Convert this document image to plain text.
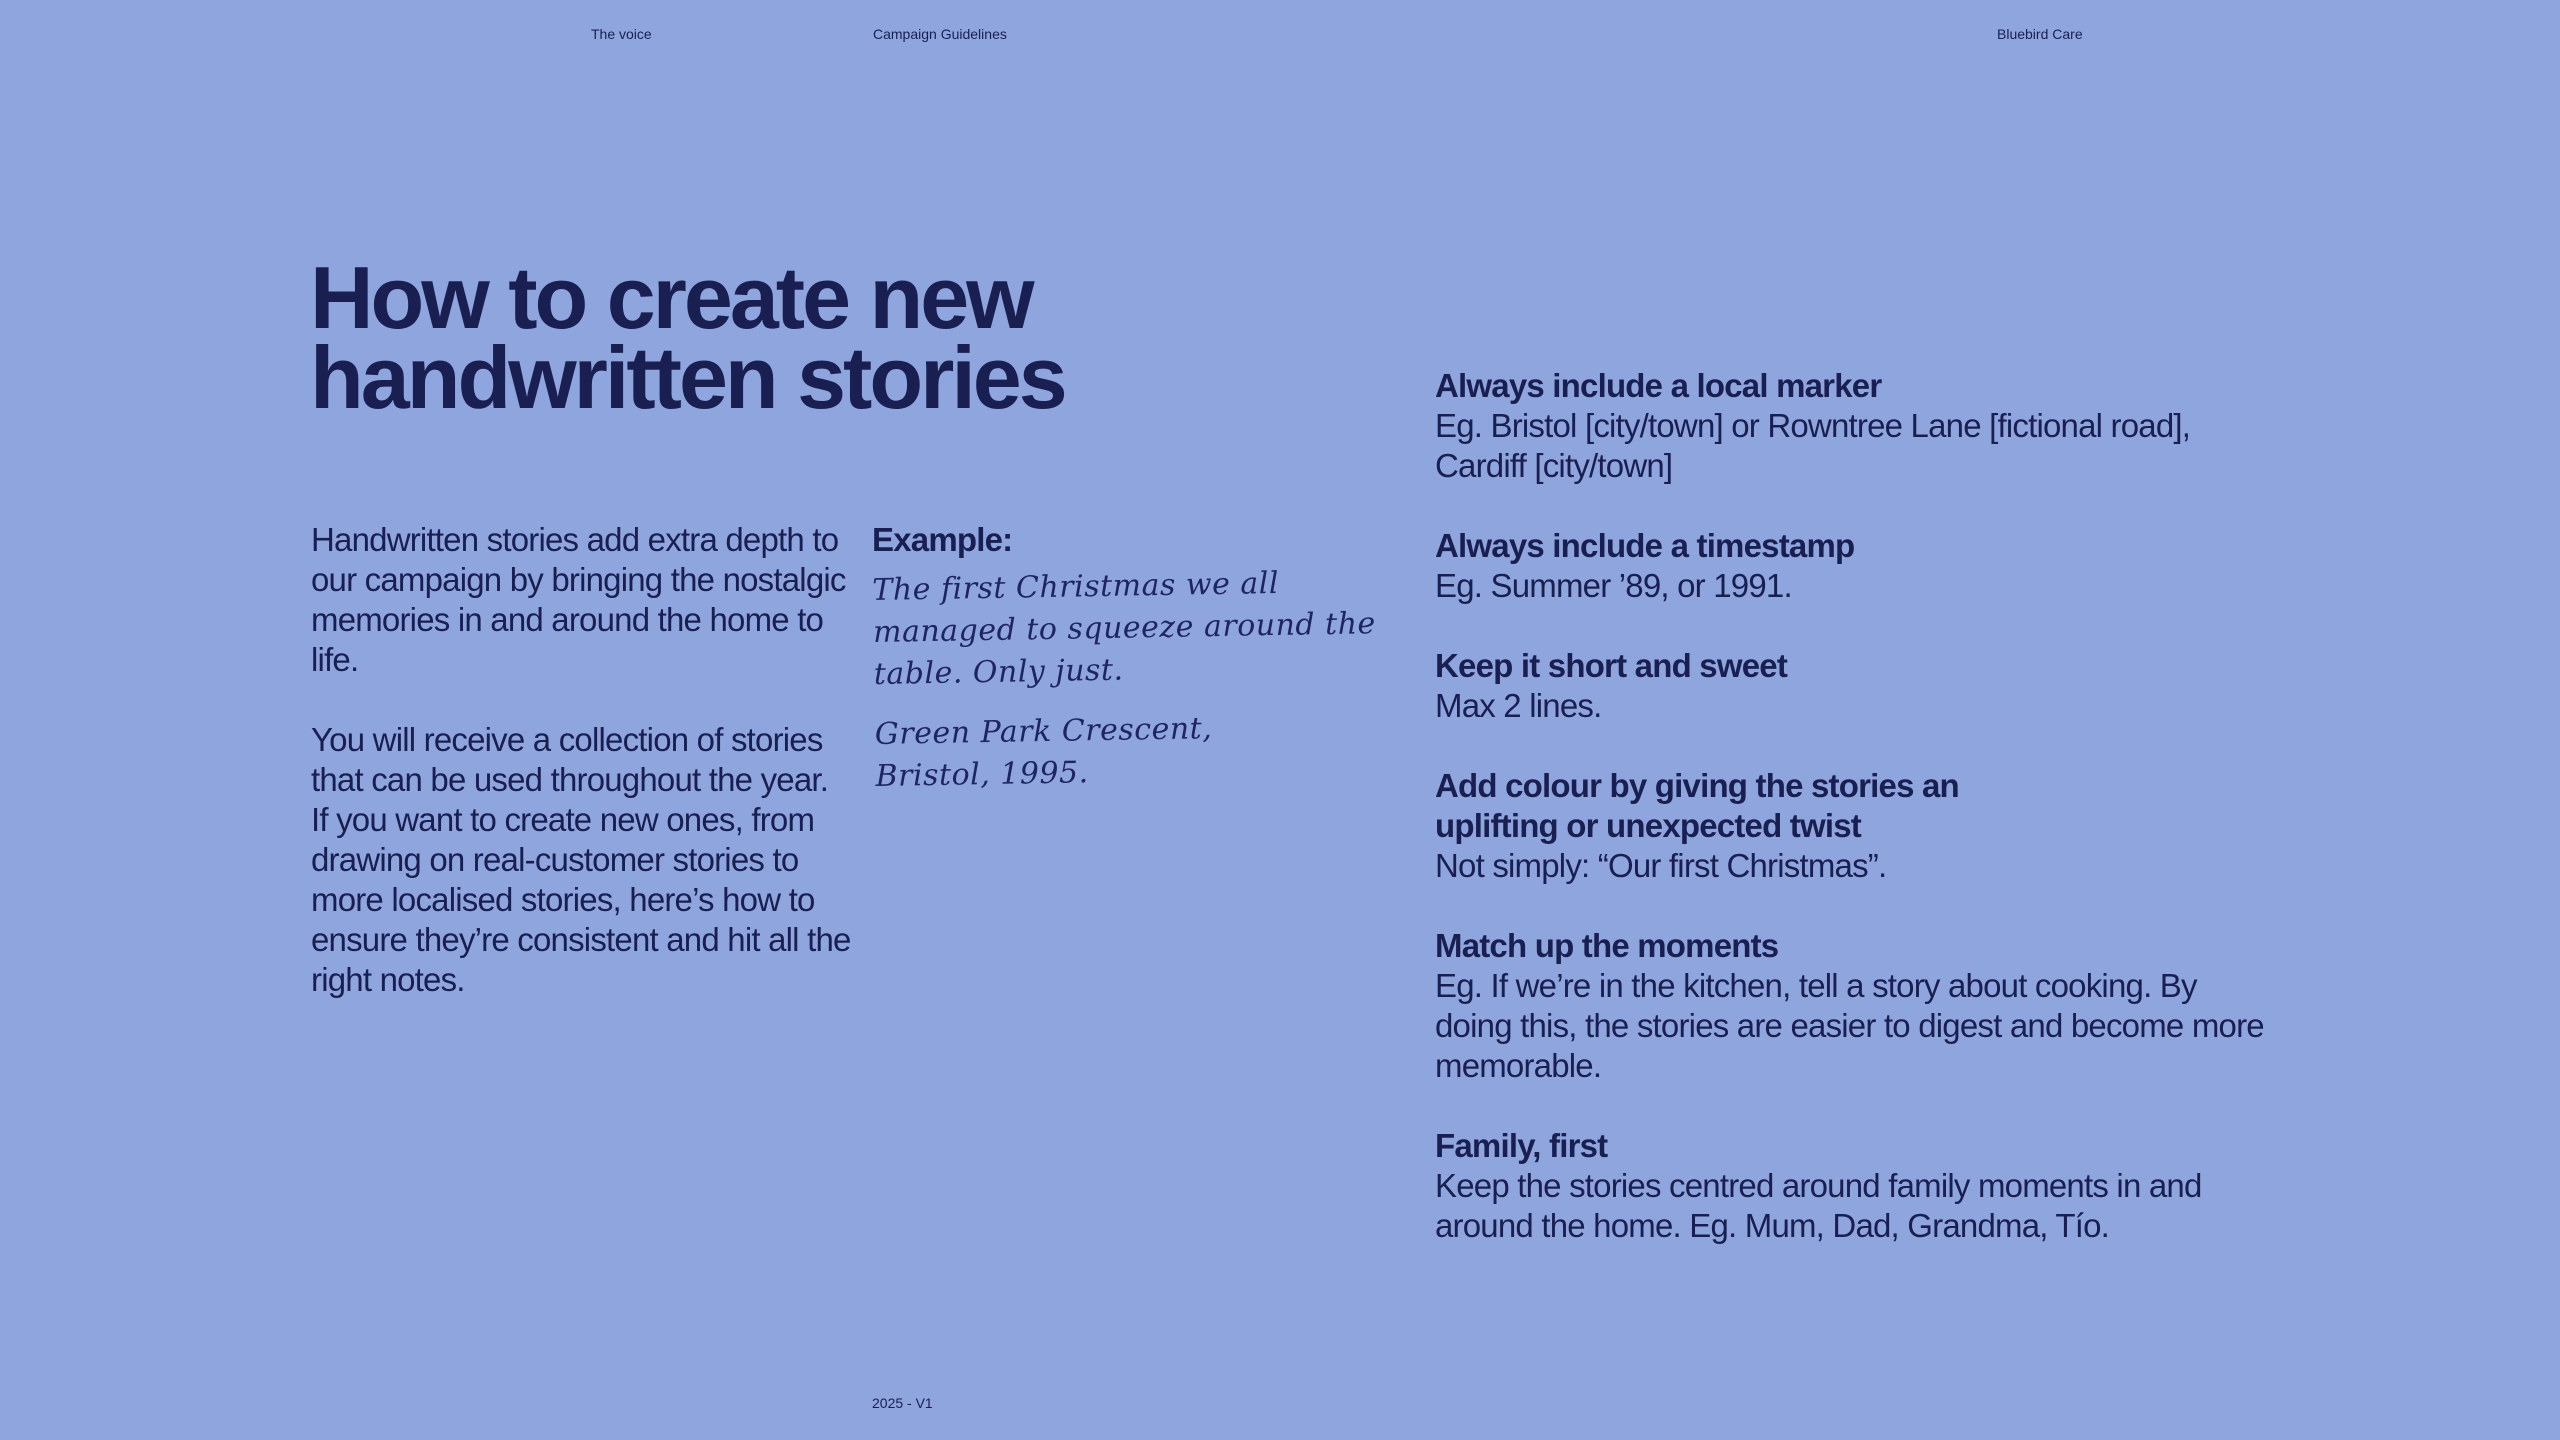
The voice	Campaign Guidelines	Bluebird Care
How to create new
handwritten stories

Handwritten stories add extra depth to our campaign by bringing the nostalgic memories in and around the home to life.

You will receive a collection of stories that can be used throughout the year. If you want to create new ones, from drawing on real-customer stories to more localised stories, here’s how to ensure they’re consistent and hit all the right notes.

Example:

The first Christmas we all managed to squeeze around the table. Only just.

Green Park Crescent,

Bristol, 1995.

Always include a local marker

Eg. Bristol [city/town] or Rowntree Lane [fictional road], Cardiff [city/town]

Always include a timestamp

Eg. Summer ’89, or 1991.

Keep it short and sweet

Max 2 lines.

Add colour by giving the stories an uplifting or unexpected twist

Not simply: “Our first Christmas”.

Match up the moments

Eg. If we’re in the kitchen, tell a story about cooking. By doing this, the stories are easier to digest and become more memorable.

Family, first

Keep the stories centred around family moments in and around the home. Eg. Mum, Dad, Grandma, Tío.

2025 - V1
